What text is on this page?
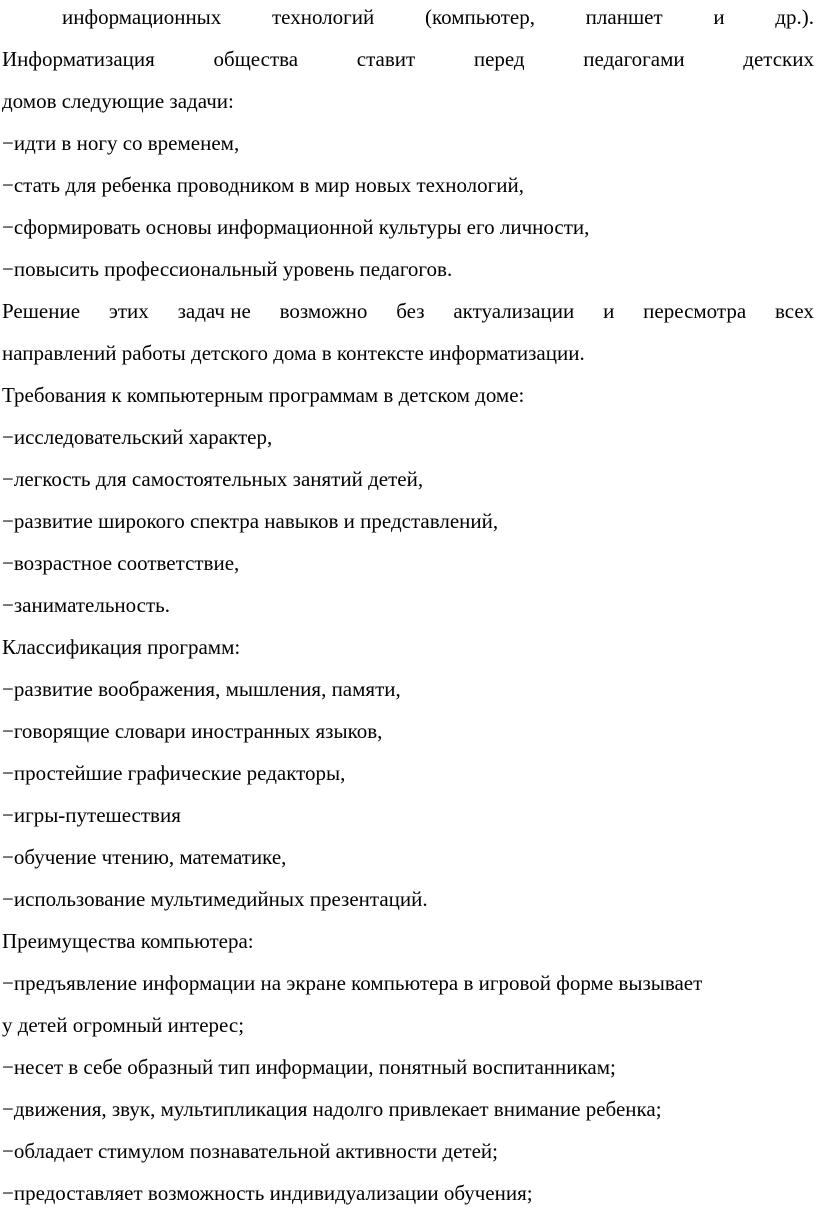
информационных технологий (компьютер, планшет и др.).
Информатизация	общества	ставит	перед	педагогами	детских
домов следующие задачи:
−идти в ногу со временем,
−стать для ребенка проводником в мир новых технологий,
−сформировать основы информационной культуры его личности,
−повысить профессиональный уровень педагогов.
Решение этих задач не возможно без актуализации и пересмотра всех
направлений работы детского дома в контексте информатизации.
Требования к компьютерным программам в детском доме:
−исследовательский характер,
−легкость для самостоятельных занятий детей,
−развитие широкого спектра навыков и представлений,
−возрастное соответствие,
−занимательность.
Классификация программ:
−развитие воображения, мышления, памяти,
−говорящие словари иностранных языков,
−простейшие графические редакторы,
−игры-путешествия
−обучение чтению, математике,
−использование мультимедийных презентаций.
Преимущества компьютера:
−предъявление информации на экране компьютера в игровой форме вызывает
у детей огромный интерес;
−несет в себе образный тип информации, понятный воспитанникам;
−движения, звук, мультипликация надолго привлекает внимание ребенка;
−обладает стимулом познавательной активности детей;
−предоставляет возможность индивидуализации обучения;
